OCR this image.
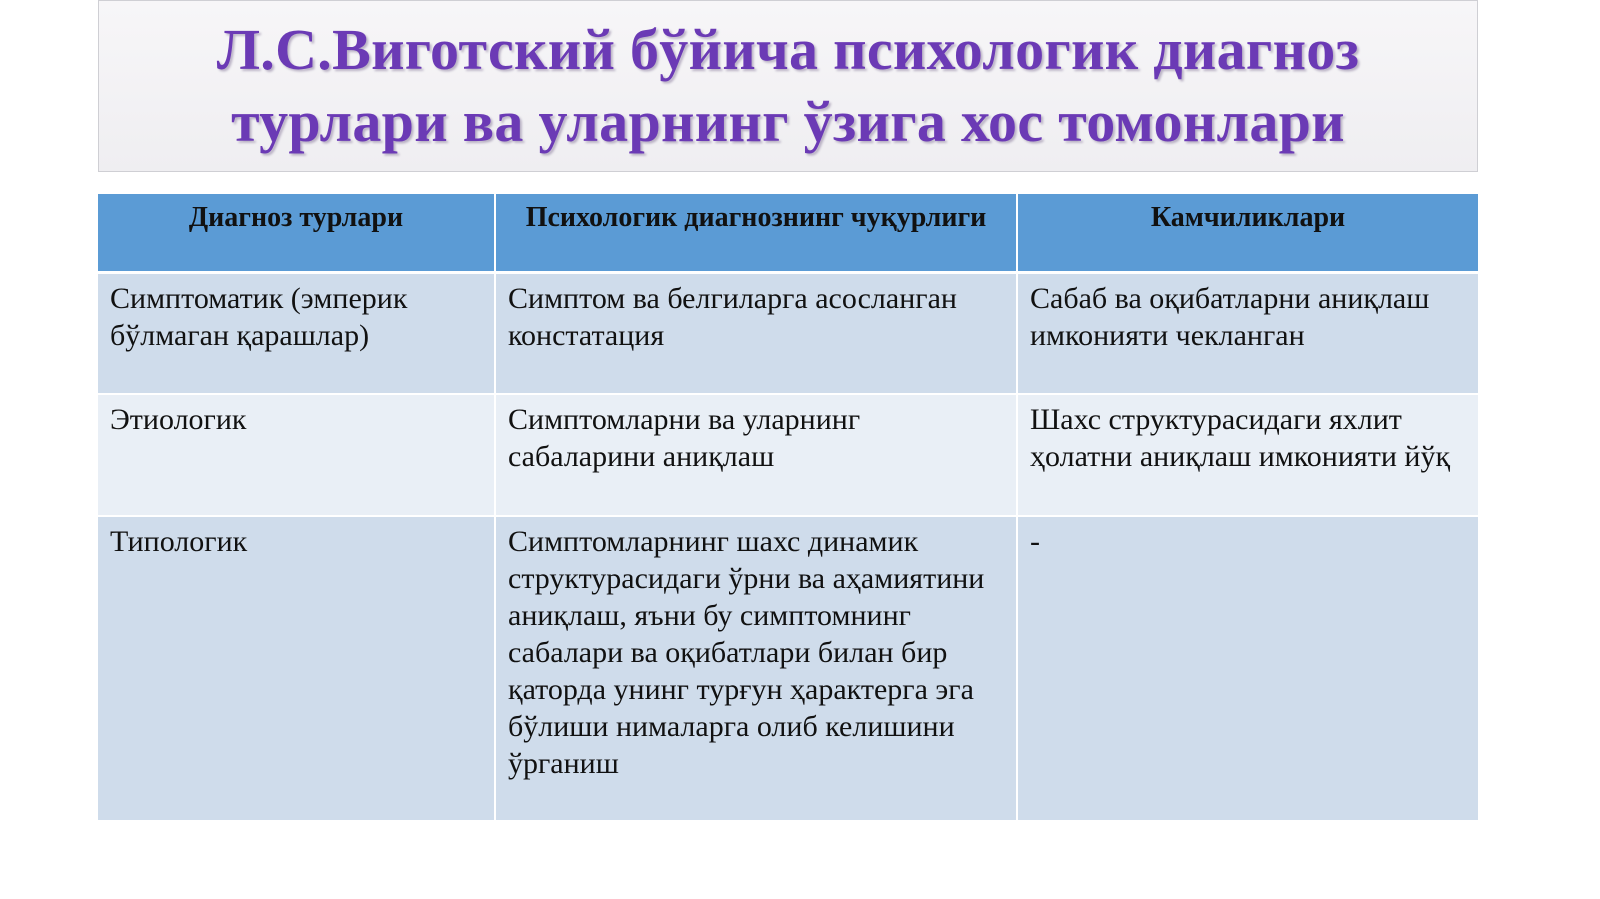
Л.С.Виготский бўйича психологик диагноз
турлари ва уларнинг ўзига хос томонлари
Диагноз турлари	Психологик диагнознинг чуқурлиги	Камчиликлари
Симптоматик (эмперик бўлмаган қарашлар)	Симптом ва белгиларга асосланган констатация	Сабаб ва оқибатларни аниқлаш имконияти чекланган
Этиологик	Симптомларни ва уларнинг сабаларини аниқлаш	Шахс структурасидаги яхлит ҳолатни аниқлаш имконияти йўқ
Типологик	Симптомларнинг шахс динамик структурасидаги ўрни ва аҳамиятини аниқлаш, яъни бу симптомнинг сабалари ва оқибатлари билан бир қаторда унинг турғун ҳарактерга эга бўлиши нималарга олиб келишини ўрганиш	-
